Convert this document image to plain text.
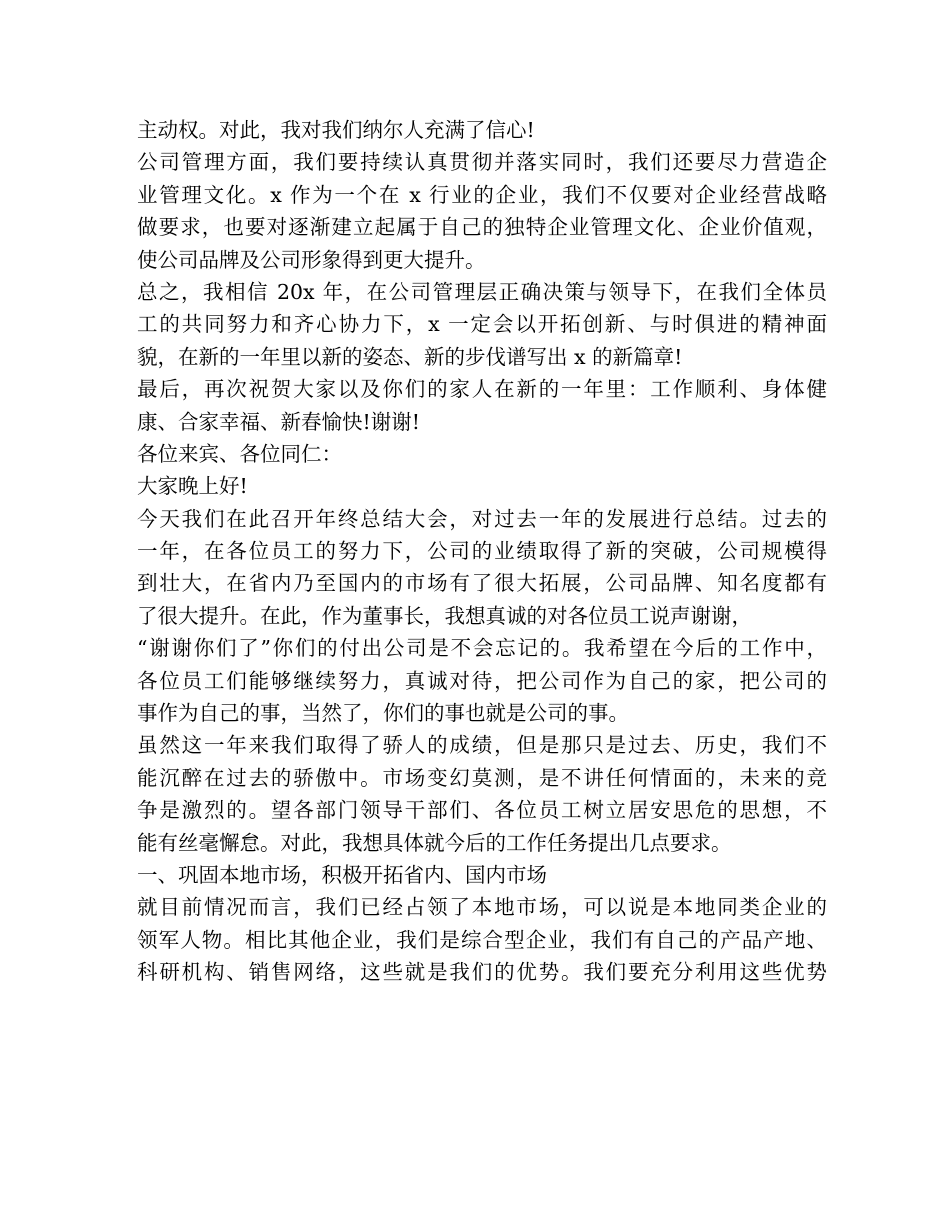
主动权。对此，我对我们纳尔人充满了信心!
公司管理方面，我们要持续认真贯彻并落实同时，我们还要尽力营造企
业管理文化。x 作为一个在 x 行业的企业，我们不仅要对企业经营战略
做要求，也要对逐渐建立起属于自己的独特企业管理文化、企业价值观，
使公司品牌及公司形象得到更大提升。
总之，我相信 20x 年，在公司管理层正确决策与领导下，在我们全体员
工的共同努力和齐心协力下，x 一定会以开拓创新、与时俱进的精神面
貌，在新的一年里以新的姿态、新的步伐谱写出 x 的新篇章!
最后，再次祝贺大家以及你们的家人在新的一年里：工作顺利、身体健
康、合家幸福、新春愉快!谢谢!
各位来宾、各位同仁：
大家晚上好!
今天我们在此召开年终总结大会，对过去一年的发展进行总结。过去的
一年，在各位员工的努力下，公司的业绩取得了新的突破，公司规模得
到壮大，在省内乃至国内的市场有了很大拓展，公司品牌、知名度都有
了很大提升。在此，作为董事长，我想真诚的对各位员工说声谢谢，
“谢谢你们了”你们的付出公司是不会忘记的。我希望在今后的工作中，
各位员工们能够继续努力，真诚对待，把公司作为自己的家，把公司的
事作为自己的事，当然了，你们的事也就是公司的事。
虽然这一年来我们取得了骄人的成绩，但是那只是过去、历史，我们不
能沉醉在过去的骄傲中。市场变幻莫测，是不讲任何情面的，未来的竞
争是激烈的。望各部门领导干部们、各位员工树立居安思危的思想，不
能有丝毫懈怠。对此，我想具体就今后的工作任务提出几点要求。
一、巩固本地市场，积极开拓省内、国内市场
就目前情况而言，我们已经占领了本地市场，可以说是本地同类企业的
领军人物。相比其他企业，我们是综合型企业，我们有自己的产品产地、
科研机构、销售网络，这些就是我们的优势。我们要充分利用这些优势
